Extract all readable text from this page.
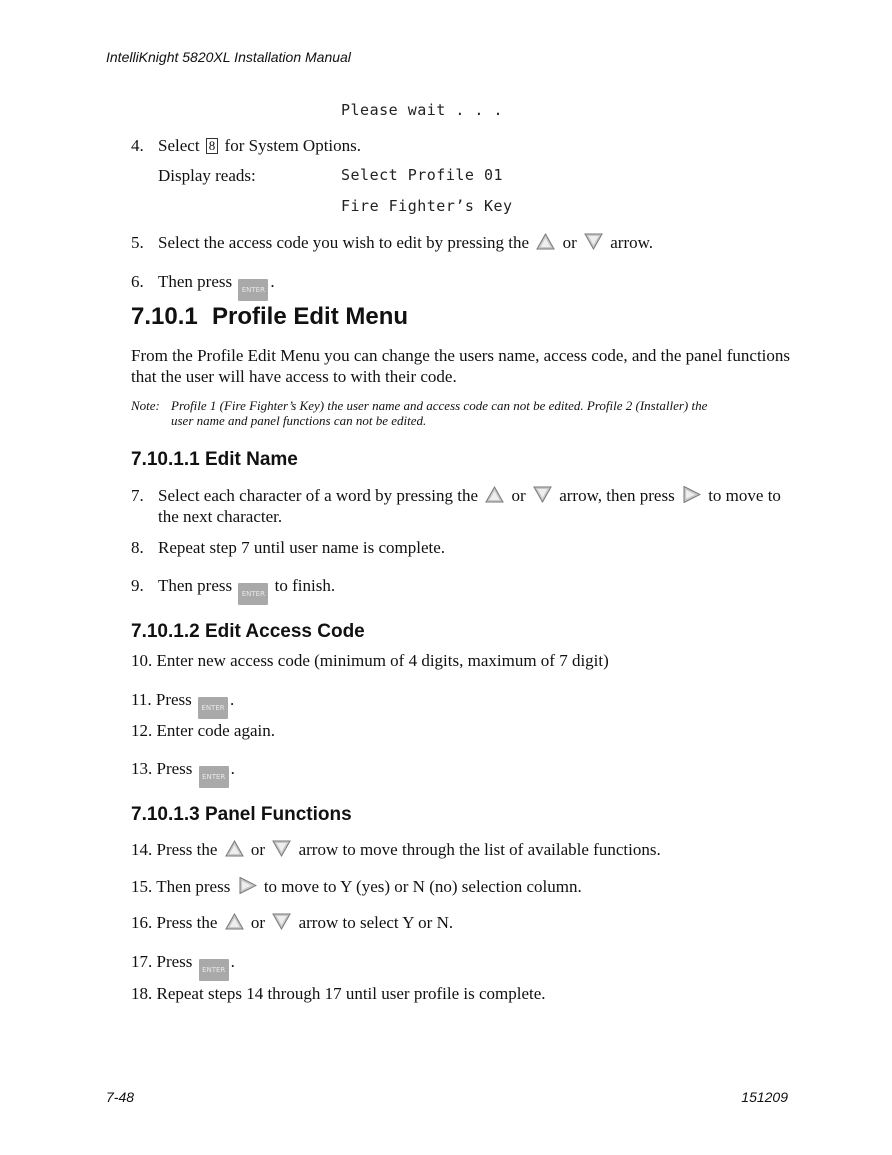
IntelliKnight 5820XL Installation Manual
Please wait . . .
4. Select 8 for System Options.
Display reads:	Select Profile 01
Fire Fighter’s Key
5. Select the access code you wish to edit by pressing the or arrow.
6. Then press ENTER .
7.10.1 Profile Edit Menu
From the Profile Edit Menu you can change the users name, access code, and the panel functions that the user will have access to with their code.
Note: Profile 1 (Fire Fighter’s Key) the user name and access code can not be edited. Profile 2 (Installer) the
user name and panel functions can not be edited.
7.10.1.1 Edit Name
7. Select each character of a word by pressing the or arrow, then press to move to
the next character.
8. Repeat step 7 until user name is complete.
9. Then press ENTER to finish.
7.10.1.2 Edit Access Code
10. Enter new access code (minimum of 4 digits, maximum of 7 digit)
11. Press ENTER .
12. Enter code again.
13. Press ENTER .
7.10.1.3 Panel Functions
14. Press the or arrow to move through the list of available functions.
15. Then press to move to Y (yes) or N (no) selection column.
16. Press the or arrow to select Y or N.
17. Press ENTER .
18. Repeat steps 14 through 17 until user profile is complete.
7-48	151209
